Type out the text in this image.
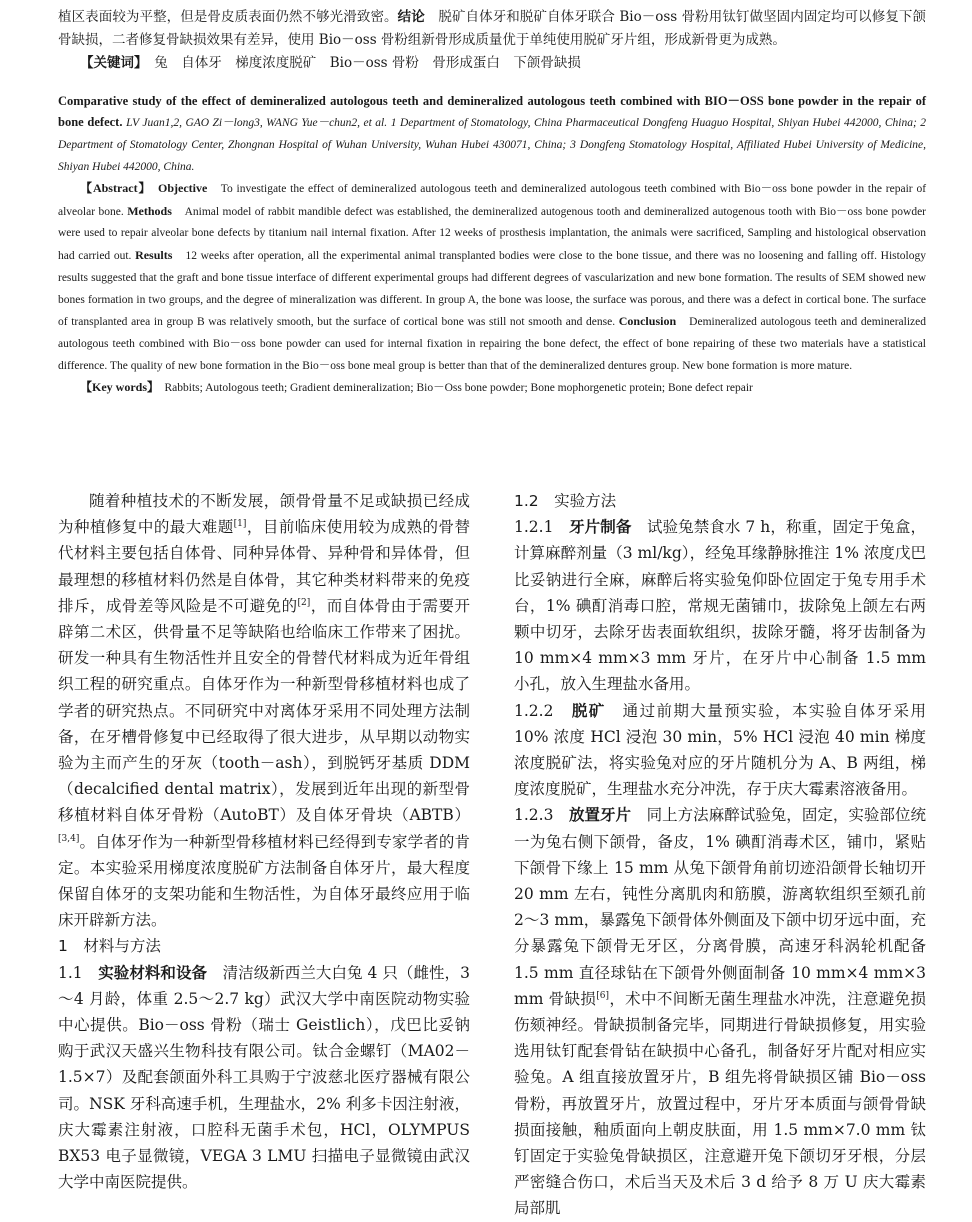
植区表面较为平整，但是骨皮质表面仍然不够光滑致密。结论　 脱矿自体牙和脱矿自体牙联合 Bio－oss 骨粉用钛钉做坚固内固定均可以修复下颌骨缺损，二者修复骨缺损效果有差异，使用 Bio－oss 骨粉组新骨形成质量优于单纯使用脱矿牙片组，形成新骨更为成熟。

【关键词】　 兔　自体牙　梯度浓度脱矿　Bio－oss 骨粉　骨形成蛋白　下颌骨缺损

Comparative study of the effect of demineralized autologous teeth and demineralized autologous teeth combined with BIO－OSS bone powder in the repair of bone defect. LV Juan1,2, GAO Zi－long3, WANG Yue－chun2, et al. 1 Department of Stomatology, China Pharmaceutical Dongfeng Huaguo Hospital, Shiyan Hubei 442000, China; 2 Department of Stomatology Center, Zhongnan Hospital of Wuhan University, Wuhan Hubei 430071, China; 3 Dongfeng Stomatology Hospital, Affiliated Hubei University of Medicine, Shiyan Hubei 442000, China.

【Abstract】　 Objective　 To investigate the effect of demineralized autologous teeth and demineralized autologous teeth combined with Bio－oss bone powder in the repair of alveolar bone. Methods　 Animal model of rabbit mandible defect was established, the demineralized autogenous tooth and demineralized autogenous tooth with Bio－oss bone powder were used to repair alveolar bone defects by titanium nail internal fixation. After 12 weeks of prosthesis implantation, the animals were sacrificed, Sampling and histological observation had carried out. Results　 12 weeks after operation, all the experimental animal transplanted bodies were close to the bone tissue, and there was no loosening and falling off. Histology results suggested that the graft and bone tissue interface of different experimental groups had different degrees of vascularization and new bone formation. The results of SEM showed new bones formation in two groups, and the degree of mineralization was different. In group A, the bone was loose, the surface was porous, and there was a defect in cortical bone. The surface of transplanted area in group B was relatively smooth, but the surface of cortical bone was still not smooth and dense. Conclusion　 Demineralized autologous teeth and demineralized autologous teeth combined with Bio－oss bone powder can used for internal fixation in repairing the bone defect, the effect of bone repairing of these two materials have a statistical difference. The quality of new bone formation in the Bio－oss bone meal group is better than that of the demineralized dentures group. New bone formation is more mature.

【Key words】　 Rabbits; Autologous teeth; Gradient demineralization; Bio－Oss bone powder; Bone mophorgenetic protein; Bone defect repair

随着种植技术的不断发展，颌骨骨量不足或缺损已经成为种植修复中的最大难题[1]，目前临床使用较为成熟的骨替代材料主要包括自体骨、同种异体骨、异种骨和异体骨，但最理想的移植材料仍然是自体骨，其它种类材料带来的免疫排斥，成骨差等风险是不可避免的[2]，而自体骨由于需要开辟第二术区，供骨量不足等缺陷也给临床工作带来了困扰。研发一种具有生物活性并且安全的骨替代材料成为近年骨组织工程的研究重点。自体牙作为一种新型骨移植材料也成了学者的研究热点。不同研究中对离体牙采用不同处理方法制备，在牙槽骨修复中已经取得了很大进步，从早期以动物实验为主而产生的牙灰（tooth－ash），到脱钙牙基质 DDM（decalcified dental matrix），发展到近年出现的新型骨移植材料自体牙骨粉（AutoBT）及自体牙骨块（ABTB）[3,4]。自体牙作为一种新型骨移植材料已经得到专家学者的肯定。本实验采用梯度浓度脱矿方法制备自体牙片，最大程度保留自体牙的支架功能和生物活性，为自体牙最终应用于临床开辟新方法。

1　材料与方法

1.1　 实验材料和设备　 清洁级新西兰大白兔 4 只（雌性，3～4 月龄，体重 2.5～2.7 kg）武汉大学中南医院动物实验中心提供。Bio－oss 骨粉（瑞士 Geistlich），戊巴比妥钠购于武汉天盛兴生物科技有限公司。钛合金螺钉（MA02－1.5×7）及配套颌面外科工具购于宁波慈北医疗器械有限公司。NSK 牙科高速手机，生理盐水，2% 利多卡因注射液，庆大霉素注射液，口腔科无菌手术包，HCl，OLYMPUS BX53 电子显微镜，VEGA 3 LMU 扫描电子显微镜由武汉大学中南医院提供。

1.2　实验方法

1.2.1　 牙片制备　 试验兔禁食水 7 h，称重，固定于兔盒，计算麻醉剂量（3 ml/kg），经兔耳缘静脉推注 1% 浓度戊巴比妥钠进行全麻，麻醉后将实验兔仰卧位固定于兔专用手术台，1% 碘酊消毒口腔，常规无菌铺巾，拔除兔上颌左右两颗中切牙，去除牙齿表面软组织，拔除牙髓，将牙齿制备为 10 mm×4 mm×3 mm 牙片，在牙片中心制备 1.5 mm 小孔，放入生理盐水备用。

1.2.2　 脱矿　 通过前期大量预实验，本实验自体牙采用 10% 浓度 HCl 浸泡 30 min，5% HCl 浸泡 40 min 梯度浓度脱矿法，将实验兔对应的牙片随机分为 A、B 两组，梯度浓度脱矿，生理盐水充分冲洗，存于庆大霉素溶液备用。

1.2.3　 放置牙片　 同上方法麻醉试验兔，固定，实验部位统一为兔右侧下颌骨，备皮，1% 碘酊消毒术区，铺巾，紧贴下颌骨下缘上 15 mm 从兔下颌骨角前切迹沿颌骨长轴切开 20 mm 左右，钝性分离肌肉和筋膜，游离软组织至颏孔前 2～3 mm，暴露兔下颌骨体外侧面及下颌中切牙远中面，充分暴露兔下颌骨无牙区，分离骨膜，高速牙科涡轮机配备 1.5 mm 直径球钻在下颌骨外侧面制备 10 mm×4 mm×3 mm 骨缺损[6]，术中不间断无菌生理盐水冲洗，注意避免损伤颏神经。骨缺损制备完毕，同期进行骨缺损修复，用实验选用钛钉配套骨钻在缺损中心备孔，制备好牙片配对相应实验兔。A 组直接放置牙片，B 组先将骨缺损区铺 Bio－oss 骨粉，再放置牙片，放置过程中，牙片牙本质面与颌骨骨缺损面接触，釉质面向上朝皮肤面，用 1.5 mm×7.0 mm 钛钉固定于实验兔骨缺损区，注意避开兔下颌切牙牙根，分层严密缝合伤口，术后当天及术后 3 d 给予 8 万 U 庆大霉素局部肌
